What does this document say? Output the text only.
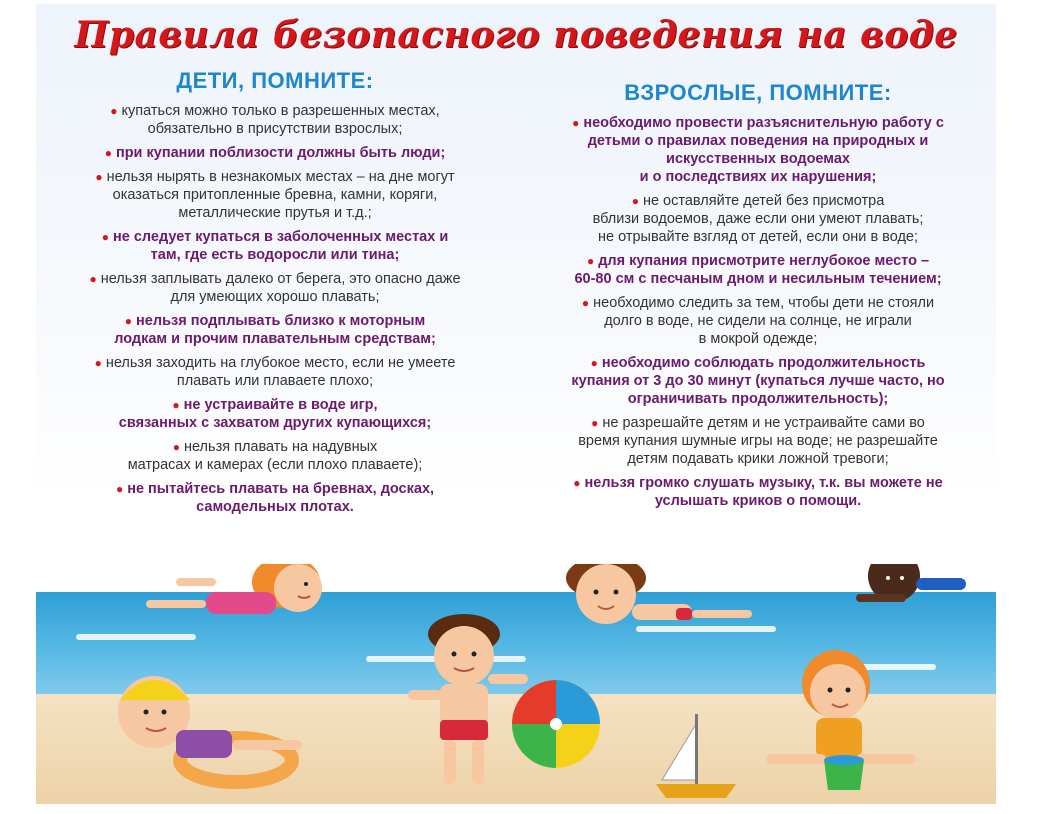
Правила безопасного поведения на воде
ДЕТИ, ПОМНИТЕ:
● купаться можно только в разрешенных местах,
обязательно в присутствии взрослых;
● при купании поблизости должны быть люди;
● нельзя нырять в незнакомых местах – на дне могут
оказаться притопленные бревна, камни, коряги,
металлические прутья и т.д.;
● не следует купаться в заболоченных местах и
там, где есть водоросли или тина;
● нельзя заплывать далеко от берега, это опасно даже
для умеющих хорошо плавать;
● нельзя подплывать близко к моторным
лодкам и прочим плавательным средствам;
● нельзя заходить на глубокое место, если не умеете
плавать или плаваете плохо;
● не устраивайте в воде игр,
связанных с захватом других купающихся;
● нельзя плавать на надувных
матрасах и камерах (если плохо плаваете);
● не пытайтесь плавать на бревнах, досках,
самодельных плотах.
ВЗРОСЛЫЕ, ПОМНИТЕ:
● необходимо провести разъяснительную работу с
детьми о правилах поведения на природных и
искусственных водоемах
и о последствиях их нарушения;
● не оставляйте детей без присмотра
вблизи водоемов, даже если они умеют плавать;
не отрывайте взгляд от детей, если они в воде;
● для купания присмотрите неглубокое место –
60-80 см с песчаным дном и несильным течением;
● необходимо следить за тем, чтобы дети не стояли
долго в воде, не сидели на солнце, не играли
в мокрой одежде;
● необходимо соблюдать продолжительность
купания от 3 до 30 минут (купаться лучше часто, но
ограничивать продолжительность);
● не разрешайте детям и не устраивайте сами во
время купания шумные игры на воде; не разрешайте
детям подавать крики ложной тревоги;
● нельзя громко слушать музыку, т.к. вы можете не
услышать криков о помощи.
